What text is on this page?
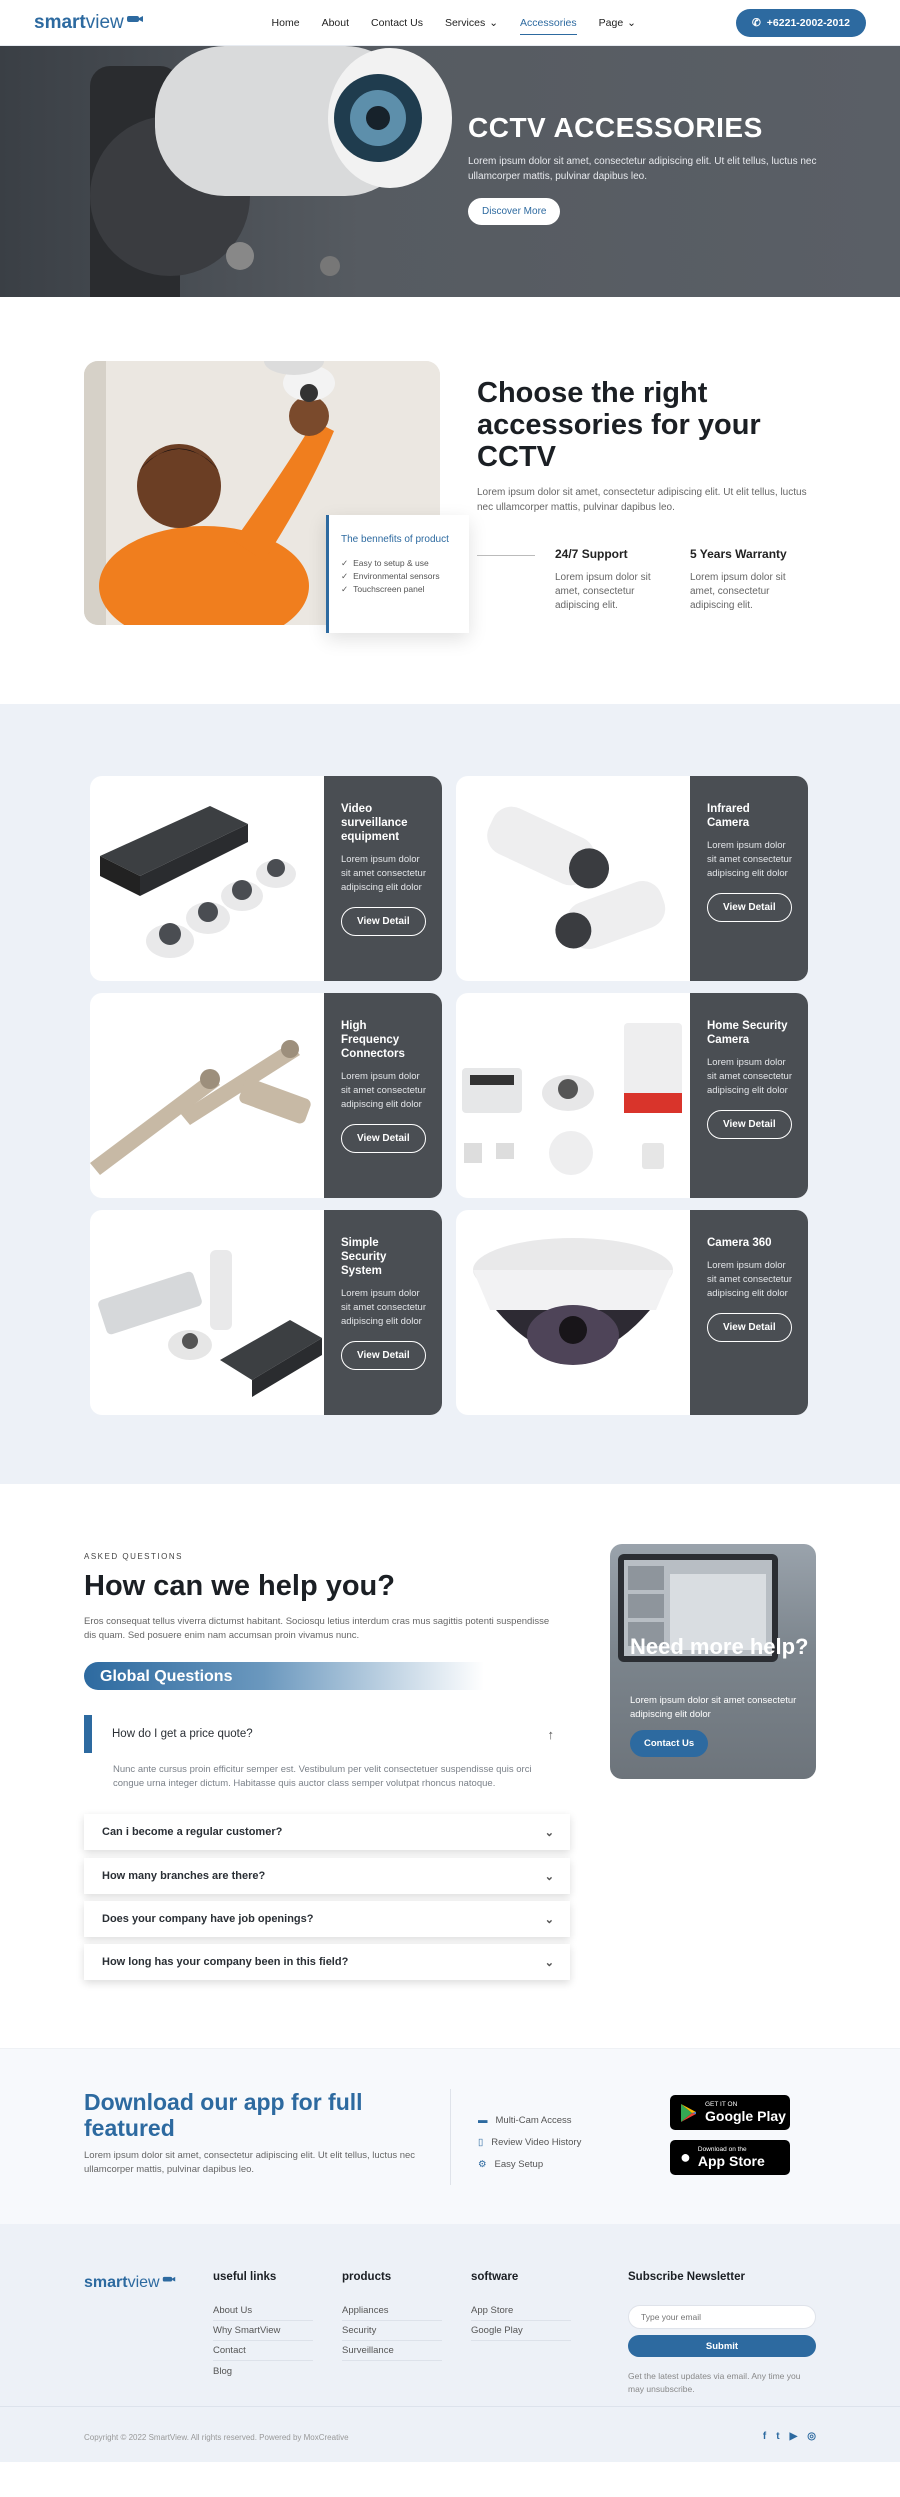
smart view	Home About Contact Us Services ⌄ Accessories Page ⌄	✆ +6221-2002-2012
CCTV ACCESSORIES

Lorem ipsum dolor sit amet, consectetur adipiscing elit. Ut elit tellus, luctus nec ullamcorper mattis, pulvinar dapibus leo.

Discover More
The bennefits of product
✓ Easy to setup & use
✓ Environmental sensors
✓ Touchscreen panel
Choose the right accessories for your CCTV
Lorem ipsum dolor sit amet, consectetur adipiscing elit. Ut elit tellus, luctus nec ullamcorper mattis, pulvinar dapibus leo.
24/7 Support

Lorem ipsum dolor sit amet, consectetur adipiscing elit.

5 Years Warranty

Lorem ipsum dolor sit amet, consectetur adipiscing elit.

Video surveillance equipment

Lorem ipsum dolor sit amet consectetur adipiscing elit dolor

View Detail
Infrared Camera

Lorem ipsum dolor sit amet consectetur adipiscing elit dolor

View Detail
High Frequency Connectors

Lorem ipsum dolor sit amet consectetur adipiscing elit dolor

View Detail
Home Security Camera

Lorem ipsum dolor sit amet consectetur adipiscing elit dolor

View Detail
Simple Security System

Lorem ipsum dolor sit amet consectetur adipiscing elit dolor

View Detail
Camera 360

Lorem ipsum dolor sit amet consectetur adipiscing elit dolor

View Detail
ASKED QUESTIONS
How can we help you?
Eros consequat tellus viverra dictumst habitant. Sociosqu letius interdum cras mus sagittis potenti suspendisse dis quam. Sed posuere enim nam accumsan proin vivamus nunc.
Global Questions
How do I get a price quote?	↑
Nunc ante cursus proin efficitur semper est. Vestibulum per velit consectetuer suspendisse quis orci congue urna integer dictum. Habitasse quis auctor class semper volutpat rhoncus natoque.
Can i become a regular customer?	⌄
How many branches are there?	⌄
Does your company have job openings?	⌄
How long has your company been in this field?	⌄
Need more help?

Lorem ipsum dolor sit amet consectetur adipiscing elit dolor

Contact Us
Download our app for full featured

Lorem ipsum dolor sit amet, consectetur adipiscing elit. Ut elit tellus, luctus nec ullamcorper mattis, pulvinar dapibus leo.

▬ Multi-Cam Access
▯ Review Video History
⚙ Easy Setup
GET IT ON
Google Play
● Download on the
App Store
smart view	useful links
About Us
Why SmartView
Contact
Blog
products
Appliances
Security
Surveillance
software
App Store
Google Play
Subscribe Newsletter
Type your email
Submit

Get the latest updates via email. Any time you may unsubscribe.

Copyright © 2022 SmartView. All rights reserved. Powered by MoxCreative	f t ▶ ◎
